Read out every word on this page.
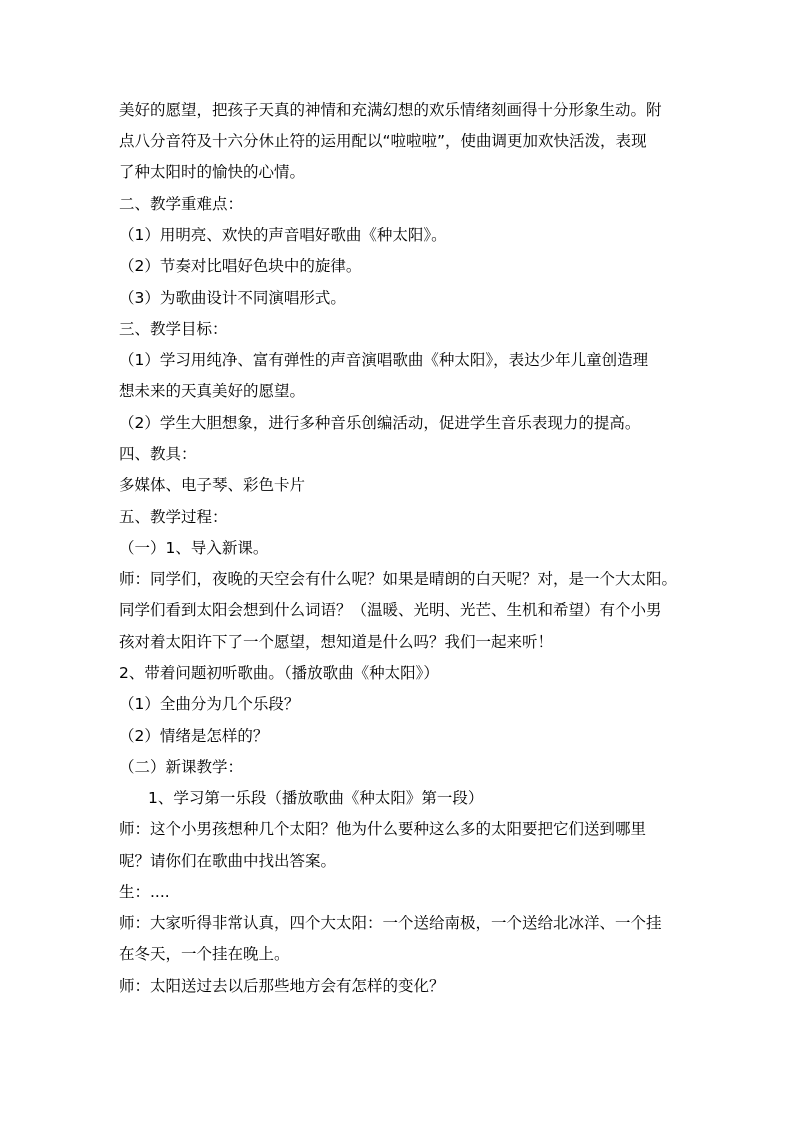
美好的愿望，把孩子天真的神情和充满幻想的欢乐情绪刻画得十分形象生动。附
点八分音符及十六分休止符的运用配以“啦啦啦”，使曲调更加欢快活泼，表现
了种太阳时的愉快的心情。
二、教学重难点：
（1）用明亮、欢快的声音唱好歌曲《种太阳》。
（2）节奏对比唱好色块中的旋律。
（3）为歌曲设计不同演唱形式。
三、教学目标：
（1）学习用纯净、富有弹性的声音演唱歌曲《种太阳》，表达少年儿童创造理
想未来的天真美好的愿望。
（2）学生大胆想象，进行多种音乐创编活动，促进学生音乐表现力的提高。
四、教具：
多媒体、电子琴、彩色卡片
五、教学过程：
（一）1、导入新课。
师：同学们，夜晚的天空会有什么呢？如果是晴朗的白天呢？对，是一个大太阳。
同学们看到太阳会想到什么词语？（温暖、光明、光芒、生机和希望）有个小男
孩对着太阳许下了一个愿望，想知道是什么吗？我们一起来听！
2、带着问题初听歌曲。（播放歌曲《种太阳》）
（1）全曲分为几个乐段？
（2）情绪是怎样的？
（二）新课教学：
1、学习第一乐段（播放歌曲《种太阳》第一段）
师：这个小男孩想种几个太阳？他为什么要种这么多的太阳要把它们送到哪里
呢？请你们在歌曲中找出答案。
生：....
师：大家听得非常认真，四个大太阳：一个送给南极，一个送给北冰洋、一个挂
在冬天，一个挂在晚上。
师：太阳送过去以后那些地方会有怎样的变化？
